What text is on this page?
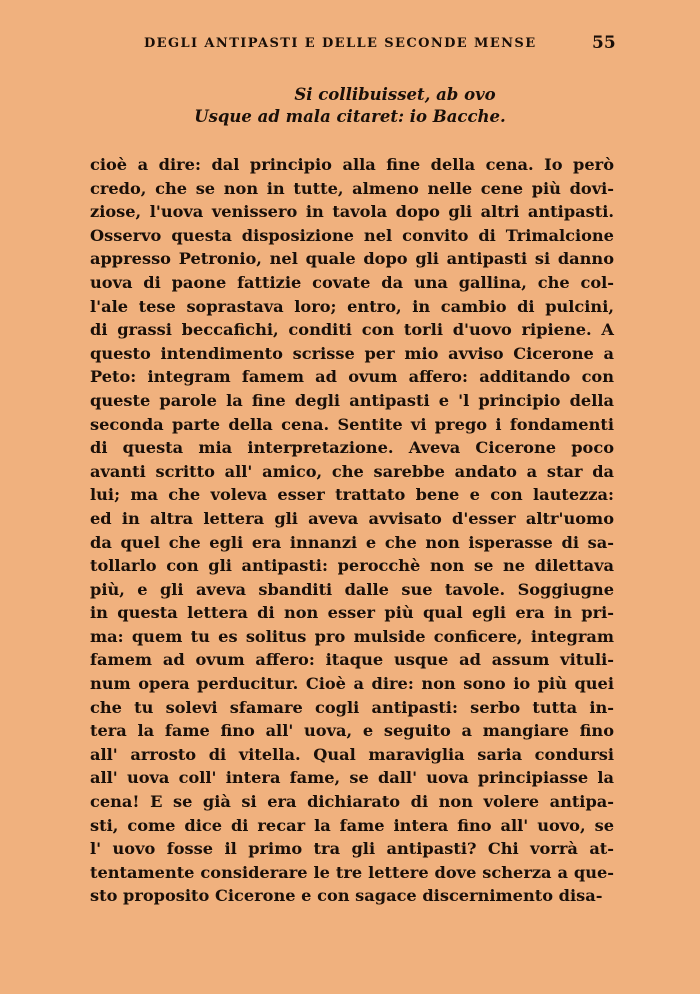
DEGLI ANTIPASTI E DELLE SECONDE MENSE	55
Si collibuisset, ab ovo
Usque ad mala citaret: io Bacche.
cioè a dire: dal principio alla fine della cena. Io però
credo, che se non in tutte, almeno nelle cene più dovi-
ziose, l'uova venissero in tavola dopo gli altri antipasti.
Osservo questa disposizione nel convito di Trimalcione
appresso Petronio, nel quale dopo gli antipasti si danno
uova di paone fattizie covate da una gallina, che col-
l'ale tese soprastava loro; entro, in cambio di pulcini,
di grassi beccafichi, conditi con torli d'uovo ripiene. A
questo intendimento scrisse per mio avviso Cicerone a
Peto: integram famem ad ovum affero: additando con
queste parole la fine degli antipasti e 'l principio della
seconda parte della cena. Sentite vi prego i fondamenti
di questa mia interpretazione. Aveva Cicerone poco
avanti scritto all' amico, che sarebbe andato a star da
lui; ma che voleva esser trattato bene e con lautezza:
ed in altra lettera gli aveva avvisato d'esser altr'uomo
da quel che egli era innanzi e che non isperasse di sa-
tollarlo con gli antipasti: perocchè non se ne dilettava
più, e gli aveva sbanditi dalle sue tavole. Soggiugne
in questa lettera di non esser più qual egli era in pri-
ma: quem tu es solitus pro mulside conficere, integram
famem ad ovum affero: itaque usque ad assum vituli-
num opera perducitur. Cioè a dire: non sono io più quei
che tu solevi sfamare cogli antipasti: serbo tutta in-
tera la fame fino all' uova, e seguito a mangiare fino
all' arrosto di vitella. Qual maraviglia saria condursi
all' uova coll' intera fame, se dall' uova principiasse la
cena! E se già si era dichiarato di non volere antipa-
sti, come dice di recar la fame intera fino all' uovo, se
l' uovo fosse il primo tra gli antipasti? Chi vorrà at-
tentamente considerare le tre lettere dove scherza a que-
sto proposito Cicerone e con sagace discernimento disa-
